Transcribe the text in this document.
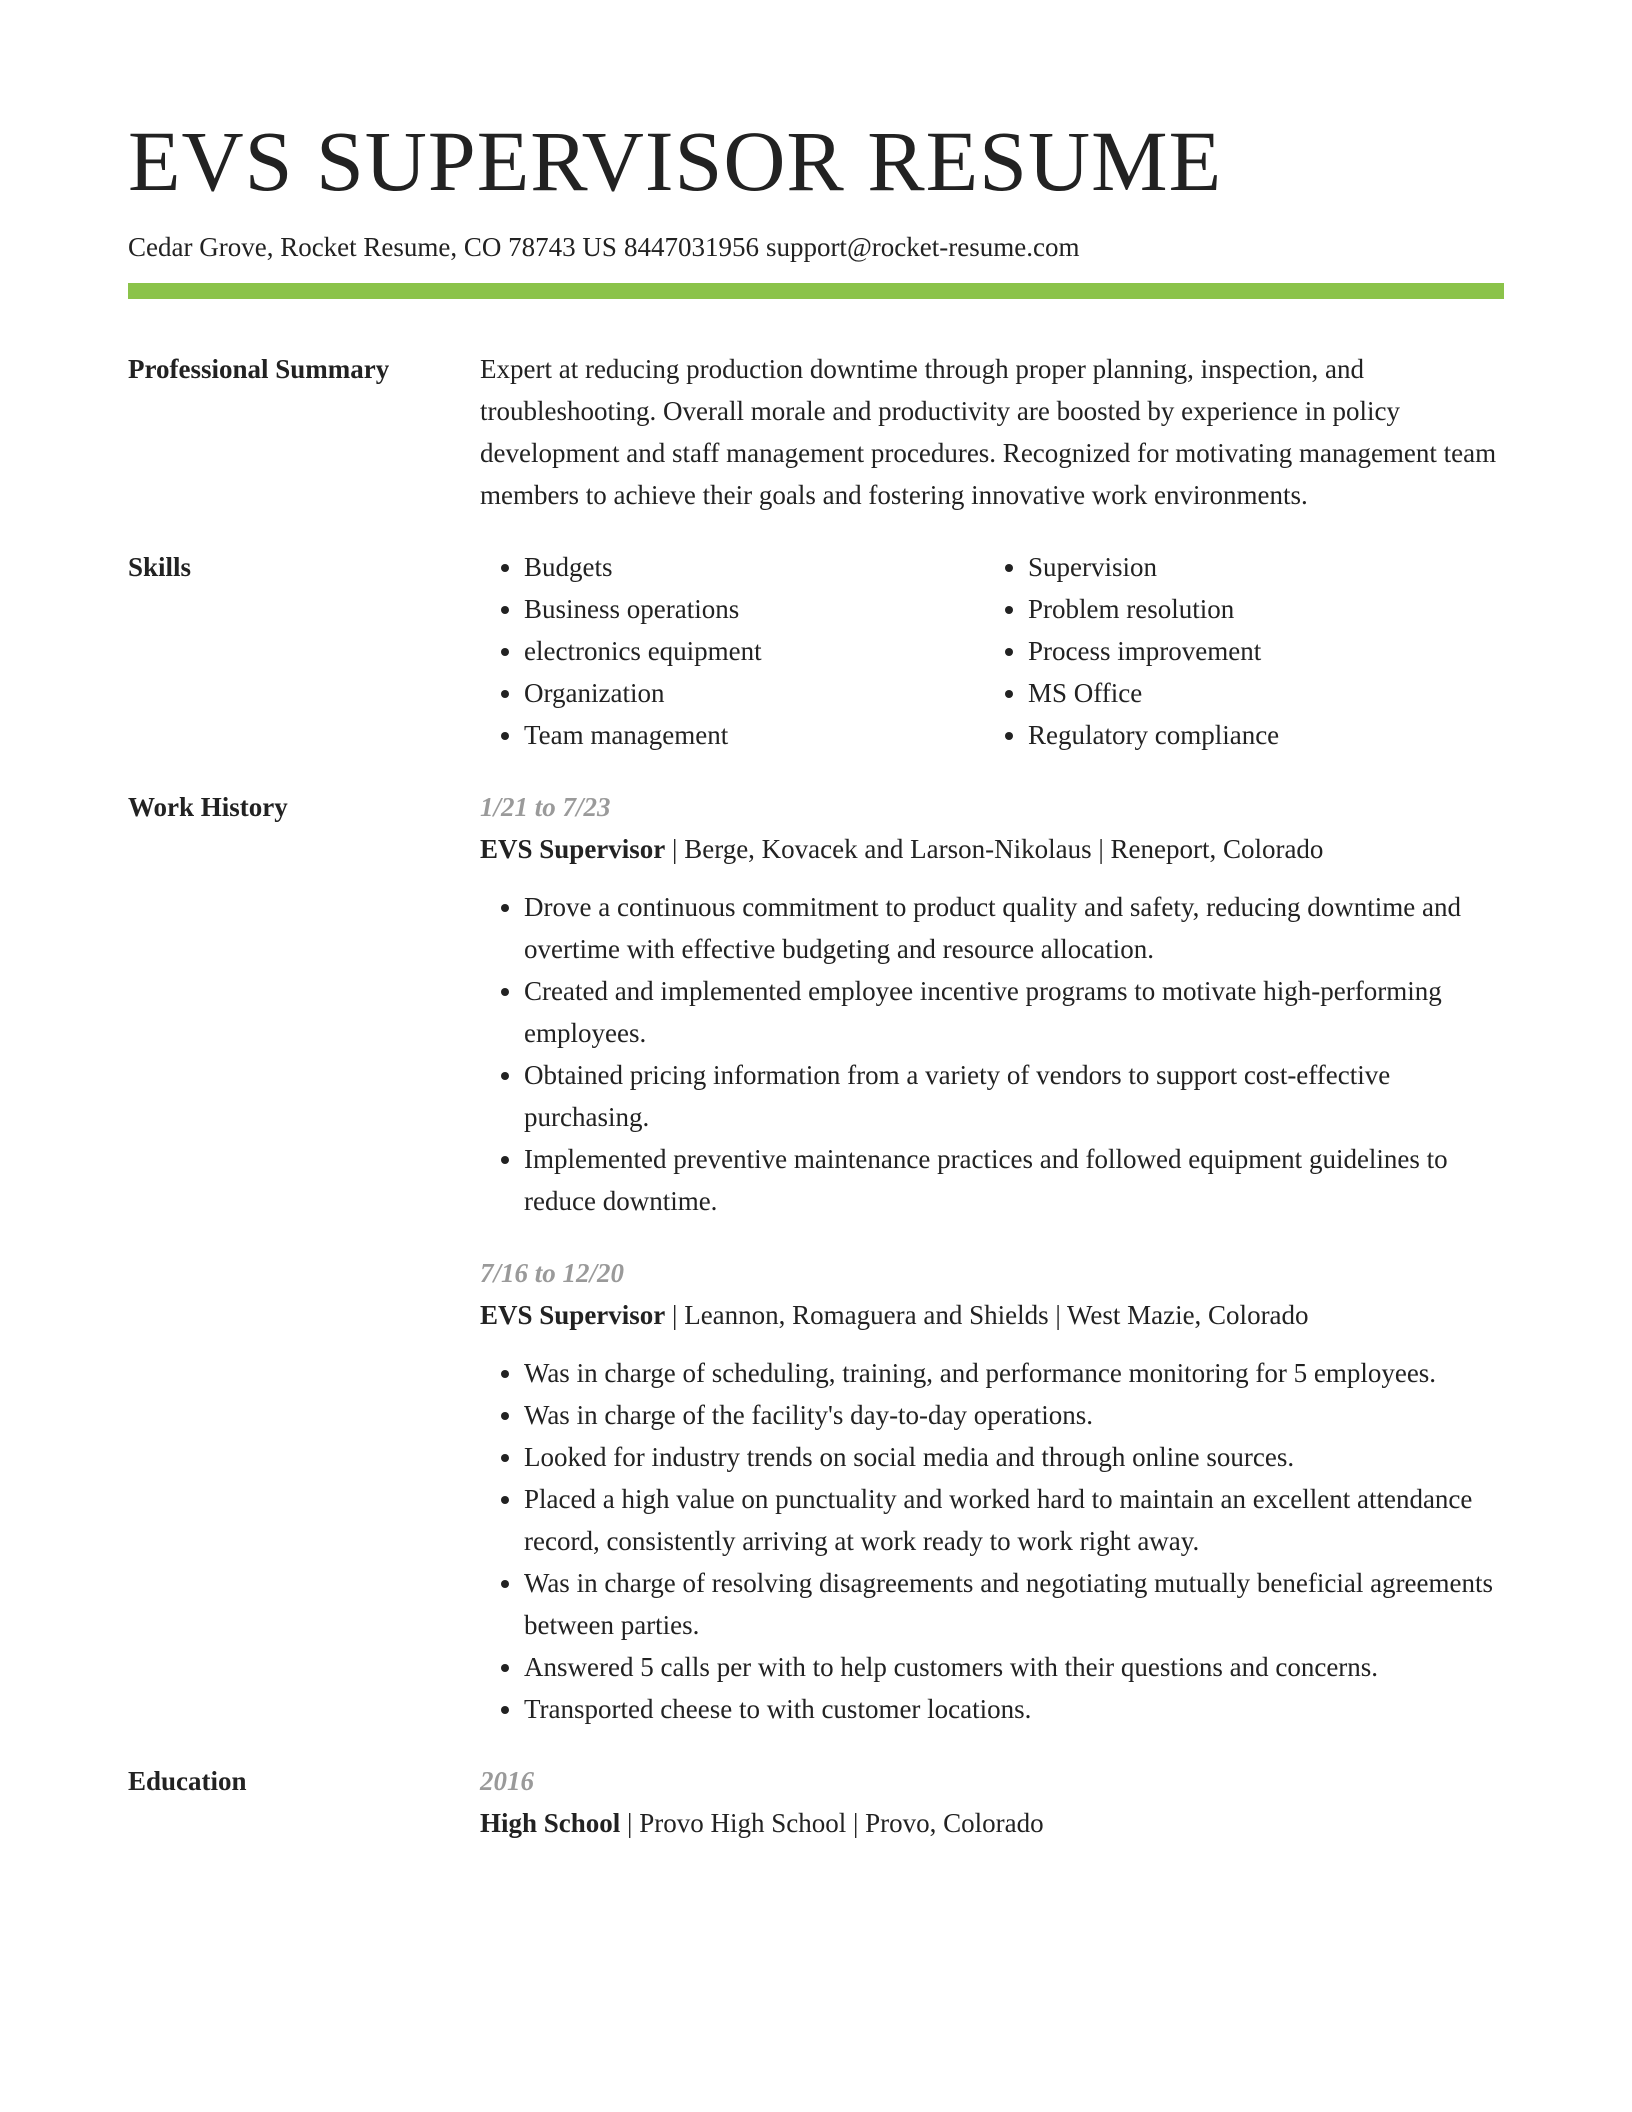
EVS SUPERVISOR RESUME
Cedar Grove, Rocket Resume, CO 78743 US 8447031956 support@rocket-resume.com
Professional Summary	Expert at reducing production downtime through proper planning, inspection, and troubleshooting. Overall morale and productivity are boosted by experience in policy development and staff management procedures. Recognized for motivating management team members to achieve their goals and fostering innovative work environments.

Skills
•	Budgets
• Business operations
• electronics equipment
• Organization
• Team management
• Supervision
• Problem resolution
• Process improvement
• MS Office
• Regulatory compliance
Work History	1/21 to 7/23
EVS Supervisor | Berge, Kovacek and Larson-Nikolaus | Reneport, Colorado
• Drove a continuous commitment to product quality and safety, reducing downtime and overtime with effective budgeting and resource allocation.
• Created and implemented employee incentive programs to motivate high-performing employees.
• Obtained pricing information from a variety of vendors to support cost-effective purchasing.
• Implemented preventive maintenance practices and followed equipment guidelines to reduce downtime.
7/16 to 12/20
EVS Supervisor | Leannon, Romaguera and Shields | West Mazie, Colorado
• Was in charge of scheduling, training, and performance monitoring for 5 employees.
• Was in charge of the facility's day-to-day operations.
• Looked for industry trends on social media and through online sources.
• Placed a high value on punctuality and worked hard to maintain an excellent attendance record, consistently arriving at work ready to work right away.
• Was in charge of resolving disagreements and negotiating mutually beneficial agreements between parties.
• Answered 5 calls per with to help customers with their questions and concerns.
• Transported cheese to with customer locations.
Education	2016
High School | Provo High School | Provo, Colorado
